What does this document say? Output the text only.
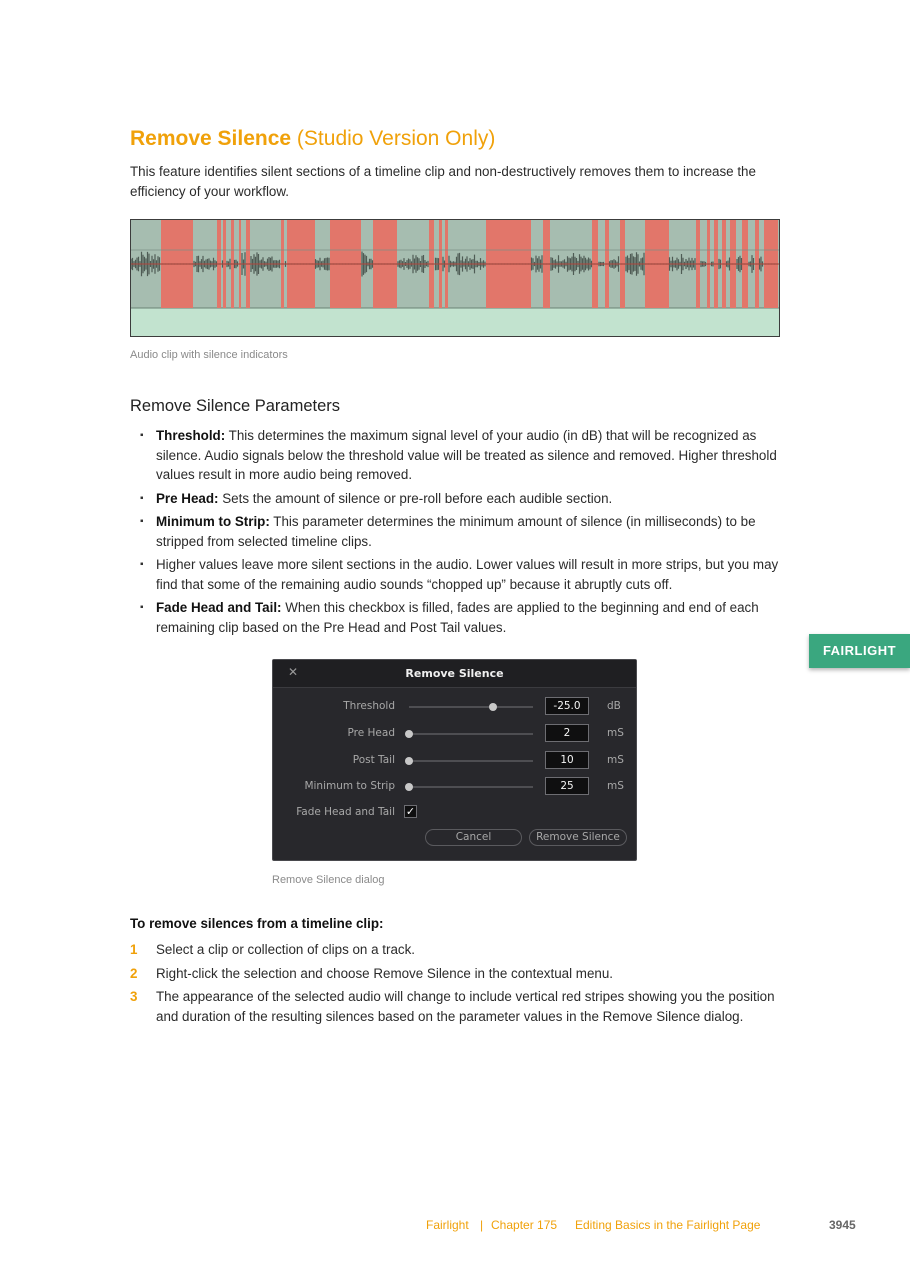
Remove Silence (Studio Version Only)
This feature identifies silent sections of a timeline clip and non-destructively removes them to increase the efficiency of your workflow.
Audio clip with silence indicators
Remove Silence Parameters
▪ Threshold: This determines the maximum signal level of your audio (in dB) that will be recognized as silence. Audio signals below the threshold value will be treated as silence and removed. Higher threshold values result in more audio being removed.
▪ Pre Head: Sets the amount of silence or pre-roll before each audible section.
▪ Minimum to Strip: This parameter determines the minimum amount of silence (in milliseconds) to be stripped from selected timeline clips.
▪ Higher values leave more silent sections in the audio. Lower values will result in more strips, but you may find that some of the remaining audio sounds “chopped up” because it abruptly cuts off.
▪ Fade Head and Tail: When this checkbox is filled, fades are applied to the beginning and end of each remaining clip based on the Pre Head and Post Tail values.
FAIRLIGHT
✕	Remove Silence
Threshold	-25.0	dB
Pre Head	2	mS
Post Tail	10	mS
Minimum to Strip	25	mS
Fade Head and Tail ✓
Cancel	Remove Silence
Remove Silence dialog
To remove silences from a timeline clip:
1 Select a clip or collection of clips on a track.
2 Right-click the selection and choose Remove Silence in the contextual menu.
3 The appearance of the selected audio will change to include vertical red stripes showing you the position and duration of the resulting silences based on the parameter values in the Remove Silence dialog.
Fairlight | Chapter 175 Editing Basics in the Fairlight Page	3945
